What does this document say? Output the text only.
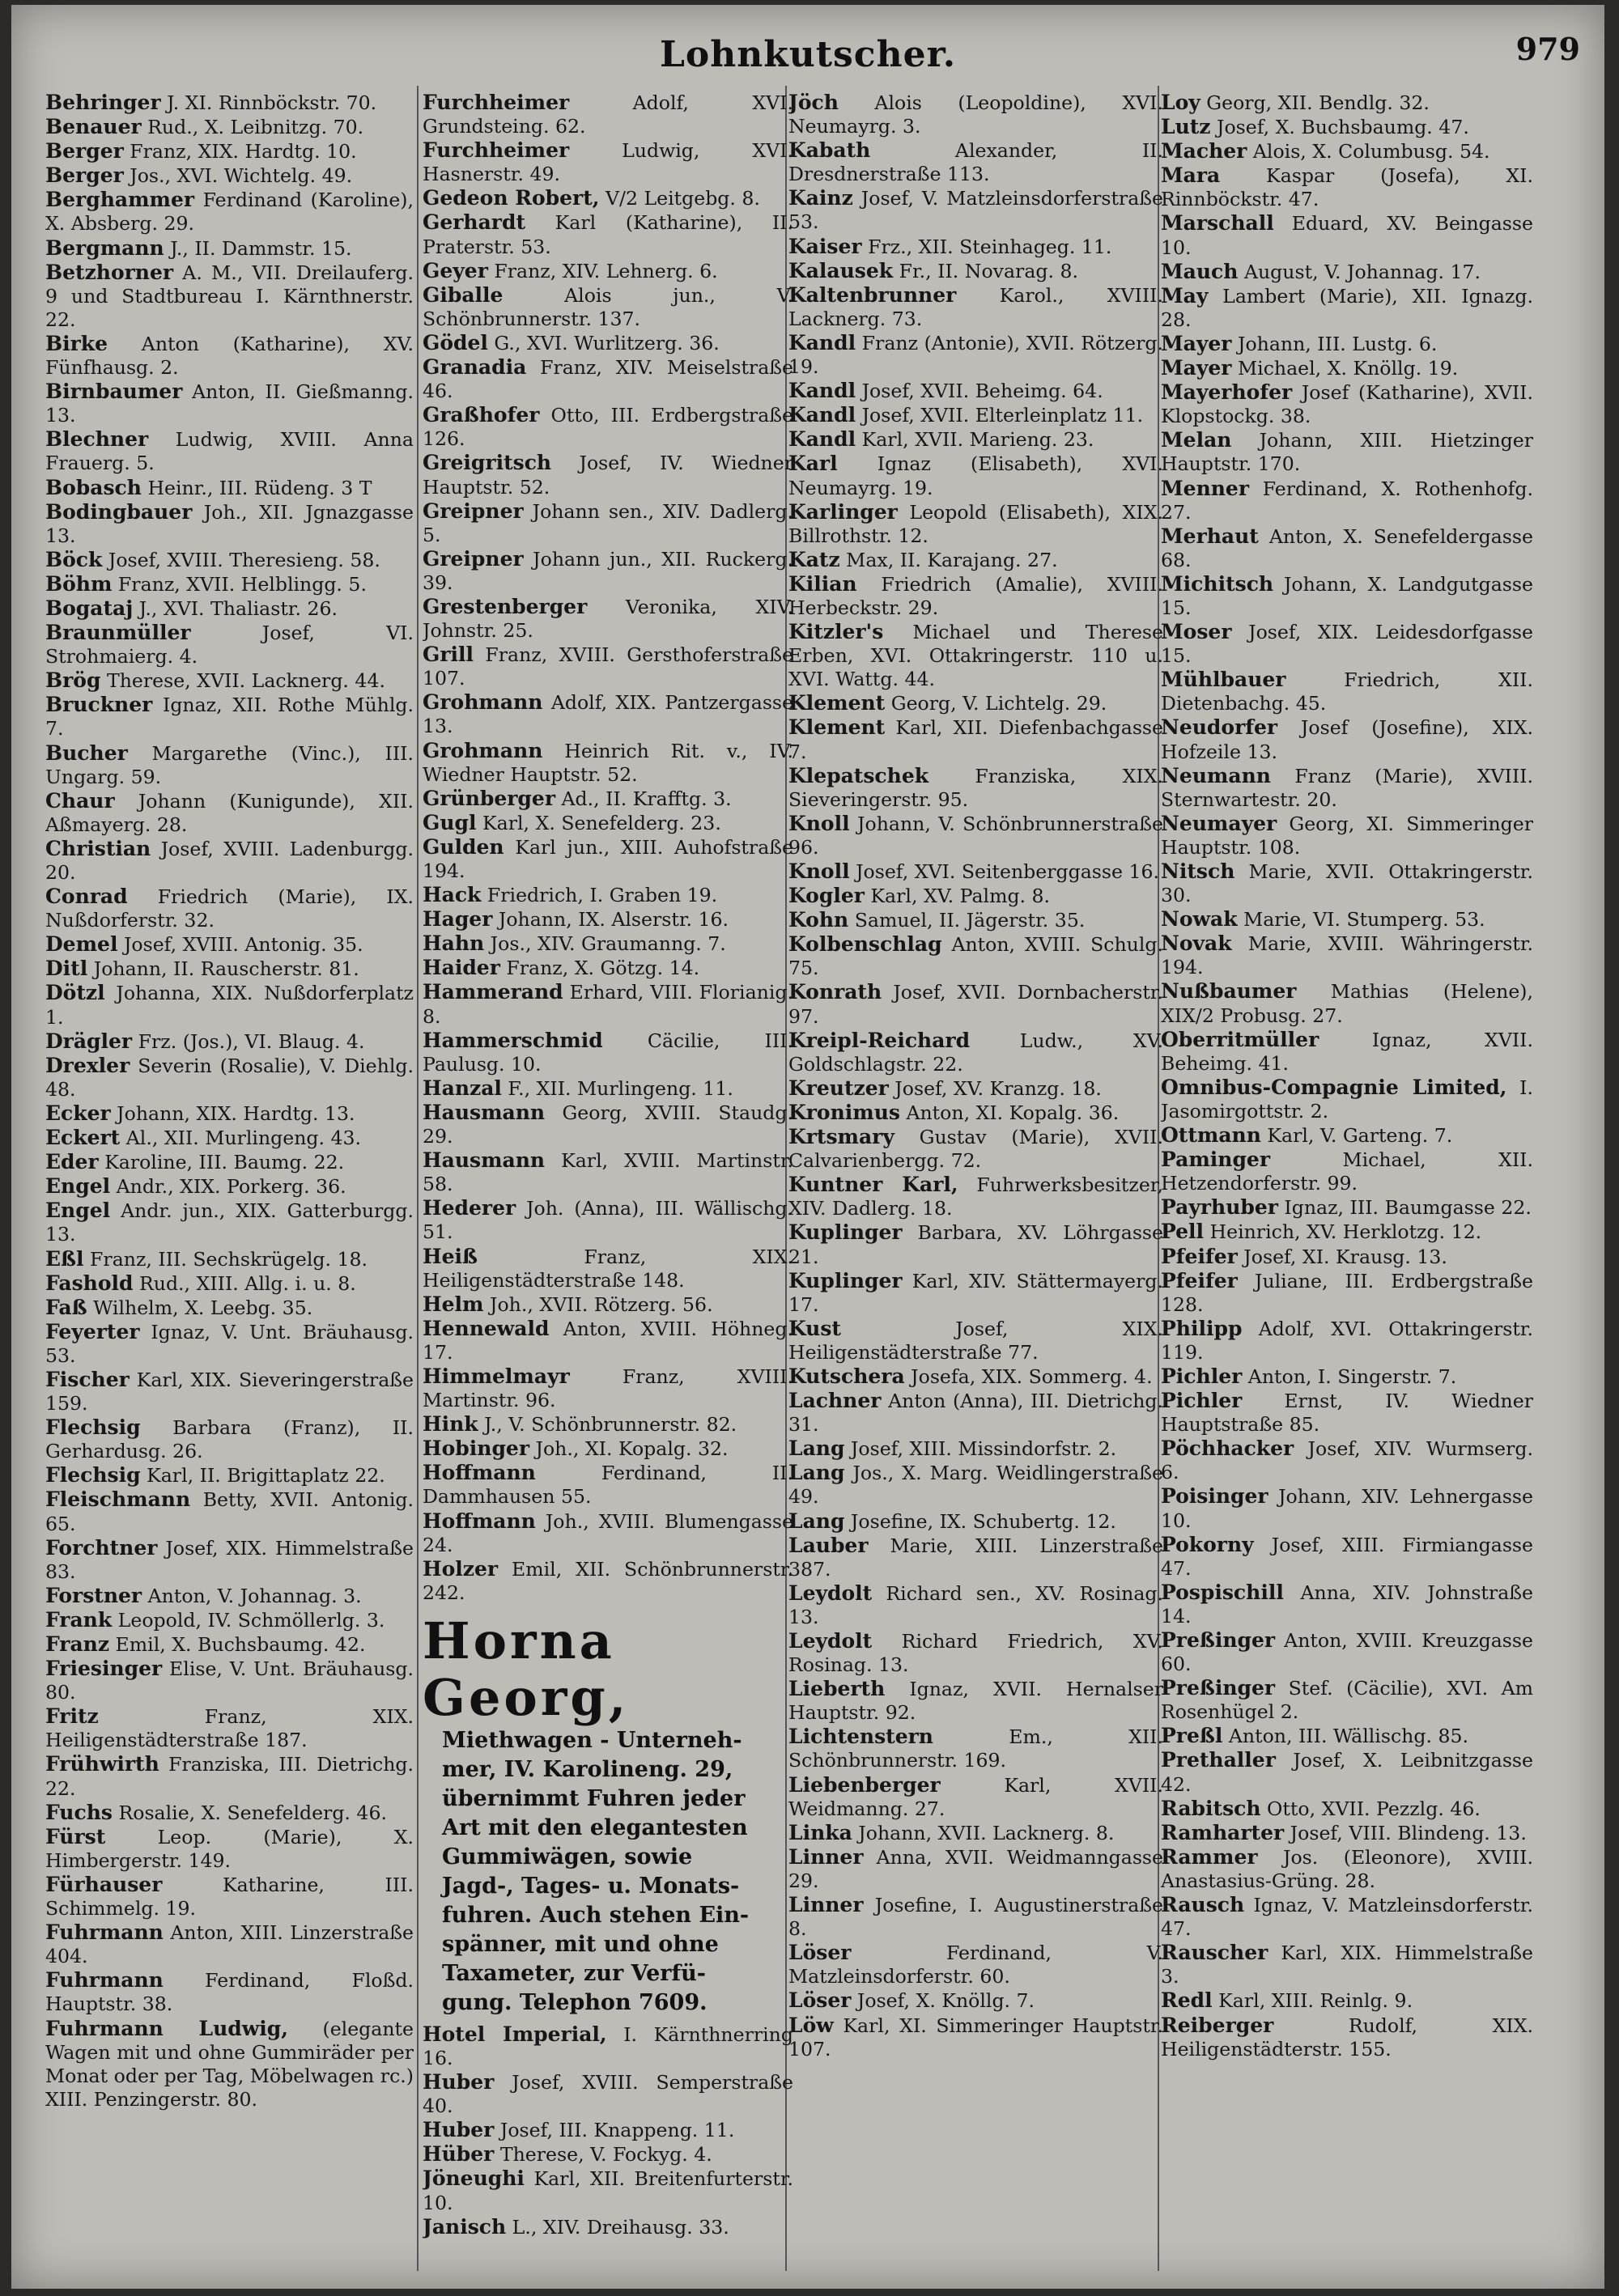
Lohnkutscher.	979

Behringer J. XI. Rinnböckstr. 70.

Benauer Rud., X. Leibnitzg. 70.

Berger Franz, XIX. Hardtg. 10.

Berger Jos., XVI. Wichtelg. 49.

Berghammer Ferdinand (Karoline), X. Absberg. 29.

Bergmann J., II. Dammstr. 15.

Betzhorner A. M., VII. Dreilauferg. 9 und Stadtbureau I. Kärnthnerstr. 22.

Birke Anton (Katharine), XV. Fünfhausg. 2.

Birnbaumer Anton, II. Gießmanng. 13.

Blechner Ludwig, XVIII. Anna Frauerg. 5.

Bobasch Heinr., III. Rüdeng. 3 T

Bodingbauer Joh., XII. Jgnazgasse 13.

Böck Josef, XVIII. Theresieng. 58.

Böhm Franz, XVII. Helblingg. 5.

Bogataj J., XVI. Thaliastr. 26.

Braunmüller Josef, VI. Strohmaierg. 4.

Brög Therese, XVII. Lacknerg. 44.

Bruckner Ignaz, XII. Rothe Mühlg. 7.

Bucher Margarethe (Vinc.), III. Ungarg. 59.

Chaur Johann (Kunigunde), XII. Aßmayerg. 28.

Christian Josef, XVIII. Ladenburgg. 20.

Conrad Friedrich (Marie), IX. Nußdorferstr. 32.

Demel Josef, XVIII. Antonig. 35.

Ditl Johann, II. Rauscherstr. 81.

Dötzl Johanna, XIX. Nußdorferplatz 1.

Drägler Frz. (Jos.), VI. Blaug. 4.

Drexler Severin (Rosalie), V. Diehlg. 48.

Ecker Johann, XIX. Hardtg. 13.

Eckert Al., XII. Murlingeng. 43.

Eder Karoline, III. Baumg. 22.

Engel Andr., XIX. Porkerg. 36.

Engel Andr. jun., XIX. Gatterburgg. 13.

Eßl Franz, III. Sechskrügelg. 18.

Fashold Rud., XIII. Allg. i. u. 8.

Faß Wilhelm, X. Leebg. 35.

Feyerter Ignaz, V. Unt. Bräuhausg. 53.

Fischer Karl, XIX. Sieveringerstraße 159.

Flechsig Barbara (Franz), II. Gerhardusg. 26.

Flechsig Karl, II. Brigittaplatz 22.

Fleischmann Betty, XVII. Antonig. 65.

Forchtner Josef, XIX. Himmelstraße 83.

Forstner Anton, V. Johannag. 3.

Frank Leopold, IV. Schmöllerlg. 3.

Franz Emil, X. Buchsbaumg. 42.

Friesinger Elise, V. Unt. Bräuhausg. 80.

Fritz Franz, XIX. Heiligenstädterstraße 187.

Frühwirth Franziska, III. Dietrichg. 22.

Fuchs Rosalie, X. Senefelderg. 46.

Fürst Leop. (Marie), X. Himbergerstr. 149.

Fürhauser Katharine, III. Schimmelg. 19.

Fuhrmann Anton, XIII. Linzerstraße 404.

Fuhrmann Ferdinand, Floßd. Hauptstr. 38.

Fuhrmann Ludwig, (elegante Wagen mit und ohne Gummiräder per Monat oder per Tag, Möbelwagen rc.) XIII. Penzingerstr. 80.

Furchheimer Adolf, XVI. Grundsteing. 62.

Furchheimer Ludwig, XVI. Hasnerstr. 49.

Gedeon Robert, V/2 Leitgebg. 8.

Gerhardt Karl (Katharine), II. Praterstr. 53.

Geyer Franz, XIV. Lehnerg. 6.

Giballe Alois jun., V. Schönbrunnerstr. 137.

Gödel G., XVI. Wurlitzerg. 36.

Granadia Franz, XIV. Meiselstraße 46.

Graßhofer Otto, III. Erdbergstraße 126.

Greigritsch Josef, IV. Wiedner Hauptstr. 52.

Greipner Johann sen., XIV. Dadlerg. 5.

Greipner Johann jun., XII. Ruckerg. 39.

Grestenberger Veronika, XIV. Johnstr. 25.

Grill Franz, XVIII. Gersthoferstraße 107.

Grohmann Adolf, XIX. Pantzergasse 13.

Grohmann Heinrich Rit. v., IV. Wiedner Hauptstr. 52.

Grünberger Ad., II. Krafftg. 3.

Gugl Karl, X. Senefelderg. 23.

Gulden Karl jun., XIII. Auhofstraße 194.

Hack Friedrich, I. Graben 19.

Hager Johann, IX. Alserstr. 16.

Hahn Jos., XIV. Graumanng. 7.

Haider Franz, X. Götzg. 14.

Hammerand Erhard, VIII. Florianig. 8.

Hammerschmid Cäcilie, III. Paulusg. 10.

Hanzal F., XII. Murlingeng. 11.

Hausmann Georg, XVIII. Staudg. 29.

Hausmann Karl, XVIII. Martinstr. 58.

Hederer Joh. (Anna), III. Wällischg. 51.

Heiß Franz, XIX. Heiligenstädterstraße 148.

Helm Joh., XVII. Rötzerg. 56.

Hennewald Anton, XVIII. Höhneg. 17.

Himmelmayr Franz, XVIII. Martinstr. 96.

Hink J., V. Schönbrunnerstr. 82.

Hobinger Joh., XI. Kopalg. 32.

Hoffmann Ferdinand, II. Dammhausen 55.

Hoffmann Joh., XVIII. Blumengasse 24.

Holzer Emil, XII. Schönbrunnerstr. 242.

Horna Georg,

Miethwagen - Unterneh-

mer, IV. Karolineng. 29,

übernimmt Fuhren jeder

Art mit den elegantesten

Gummiwägen, sowie

Jagd-, Tages- u. Monats-

fuhren. Auch stehen Ein-

spänner, mit und ohne

Taxameter, zur Verfü-

gung. Telephon 7609.

Hotel Imperial, I. Kärnthnerring 16.

Huber Josef, XVIII. Semperstraße 40.

Huber Josef, III. Knappeng. 11.

Hüber Therese, V. Fockyg. 4.

Jöneughi Karl, XII. Breitenfurterstr. 10.

Janisch L., XIV. Dreihausg. 33.

Jöch Alois (Leopoldine), XVI. Neumayrg. 3.

Kabath Alexander, II. Dresdnerstraße 113.

Kainz Josef, V. Matzleinsdorferstraße 53.

Kaiser Frz., XII. Steinhageg. 11.

Kalausek Fr., II. Novarag. 8.

Kaltenbrunner Karol., XVIII. Lacknerg. 73.

Kandl Franz (Antonie), XVII. Rötzerg. 19.

Kandl Josef, XVII. Beheimg. 64.

Kandl Josef, XVII. Elterleinplatz 11.

Kandl Karl, XVII. Marieng. 23.

Karl Ignaz (Elisabeth), XVI. Neumayrg. 19.

Karlinger Leopold (Elisabeth), XIX. Billrothstr. 12.

Katz Max, II. Karajang. 27.

Kilian Friedrich (Amalie), XVIII. Herbeckstr. 29.

Kitzler's Michael und Therese Erben, XVI. Ottakringerstr. 110 u. XVI. Wattg. 44.

Klement Georg, V. Lichtelg. 29.

Klement Karl, XII. Diefenbachgasse 7.

Klepatschek Franziska, XIX. Sieveringerstr. 95.

Knoll Johann, V. Schönbrunnerstraße 96.

Knoll Josef, XVI. Seitenberggasse 16.

Kogler Karl, XV. Palmg. 8.

Kohn Samuel, II. Jägerstr. 35.

Kolbenschlag Anton, XVIII. Schulg. 75.

Konrath Josef, XVII. Dornbacherstr. 97.

Kreipl-Reichard Ludw., XV. Goldschlagstr. 22.

Kreutzer Josef, XV. Kranzg. 18.

Kronimus Anton, XI. Kopalg. 36.

Krtsmary Gustav (Marie), XVII. Calvarienbergg. 72.

Kuntner Karl, Fuhrwerksbesitzer, XIV. Dadlerg. 18.

Kuplinger Barbara, XV. Löhrgasse 21.

Kuplinger Karl, XIV. Stättermayerg. 17.

Kust Josef, XIX. Heiligenstädterstraße 77.

Kutschera Josefa, XIX. Sommerg. 4.

Lachner Anton (Anna), III. Dietrichg. 31.

Lang Josef, XIII. Missindorfstr. 2.

Lang Jos., X. Marg. Weidlingerstraße 49.

Lang Josefine, IX. Schubertg. 12.

Lauber Marie, XIII. Linzerstraße 387.

Leydolt Richard sen., XV. Rosinag. 13.

Leydolt Richard Friedrich, XV. Rosinag. 13.

Lieberth Ignaz, XVII. Hernalser Hauptstr. 92.

Lichtenstern Em., XII. Schönbrunnerstr. 169.

Liebenberger Karl, XVII. Weidmanng. 27.

Linka Johann, XVII. Lacknerg. 8.

Linner Anna, XVII. Weidmanngasse 29.

Linner Josefine, I. Augustinerstraße 8.

Löser Ferdinand, V. Matzleinsdorferstr. 60.

Löser Josef, X. Knöllg. 7.

Löw Karl, XI. Simmeringer Hauptstr. 107.

Loy Georg, XII. Bendlg. 32.

Lutz Josef, X. Buchsbaumg. 47.

Macher Alois, X. Columbusg. 54.

Mara Kaspar (Josefa), XI. Rinnböckstr. 47.

Marschall Eduard, XV. Beingasse 10.

Mauch August, V. Johannag. 17.

May Lambert (Marie), XII. Ignazg. 28.

Mayer Johann, III. Lustg. 6.

Mayer Michael, X. Knöllg. 19.

Mayerhofer Josef (Katharine), XVII. Klopstockg. 38.

Melan Johann, XIII. Hietzinger Hauptstr. 170.

Menner Ferdinand, X. Rothenhofg. 27.

Merhaut Anton, X. Senefeldergasse 68.

Michitsch Johann, X. Landgutgasse 15.

Moser Josef, XIX. Leidesdorfgasse 15.

Mühlbauer Friedrich, XII. Dietenbachg. 45.

Neudorfer Josef (Josefine), XIX. Hofzeile 13.

Neumann Franz (Marie), XVIII. Sternwartestr. 20.

Neumayer Georg, XI. Simmeringer Hauptstr. 108.

Nitsch Marie, XVII. Ottakringerstr. 30.

Nowak Marie, VI. Stumperg. 53.

Novak Marie, XVIII. Währingerstr. 194.

Nußbaumer Mathias (Helene), XIX/2 Probusg. 27.

Oberritmüller Ignaz, XVII. Beheimg. 41.

Omnibus-Compagnie Limited, I. Jasomirgottstr. 2.

Ottmann Karl, V. Garteng. 7.

Paminger Michael, XII. Hetzendorferstr. 99.

Payrhuber Ignaz, III. Baumgasse 22.

Pell Heinrich, XV. Herklotzg. 12.

Pfeifer Josef, XI. Krausg. 13.

Pfeifer Juliane, III. Erdbergstraße 128.

Philipp Adolf, XVI. Ottakringerstr. 119.

Pichler Anton, I. Singerstr. 7.

Pichler Ernst, IV. Wiedner Hauptstraße 85.

Pöchhacker Josef, XIV. Wurmserg. 6.

Poisinger Johann, XIV. Lehnergasse 10.

Pokorny Josef, XIII. Firmiangasse 47.

Pospischill Anna, XIV. Johnstraße 14.

Preßinger Anton, XVIII. Kreuzgasse 60.

Preßinger Stef. (Cäcilie), XVI. Am Rosenhügel 2.

Preßl Anton, III. Wällischg. 85.

Prethaller Josef, X. Leibnitzgasse 42.

Rabitsch Otto, XVII. Pezzlg. 46.

Ramharter Josef, VIII. Blindeng. 13.

Rammer Jos. (Eleonore), XVIII. Anastasius-Grüng. 28.

Rausch Ignaz, V. Matzleinsdorferstr. 47.

Rauscher Karl, XIX. Himmelstraße 3.

Redl Karl, XIII. Reinlg. 9.

Reiberger Rudolf, XIX. Heiligenstädterstr. 155.
